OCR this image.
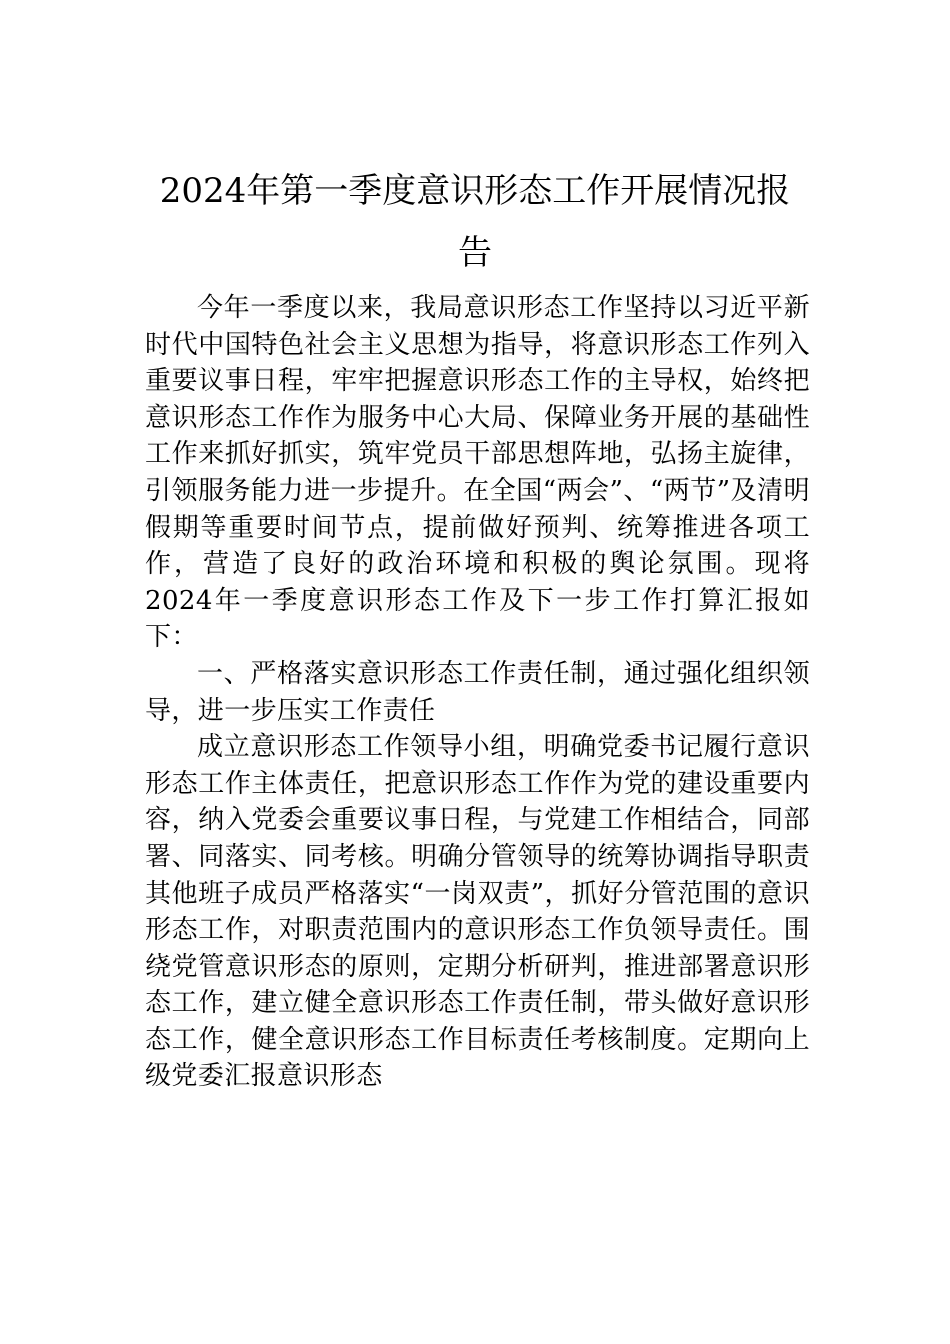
2024年第一季度意识形态工作开展情况报
告

今年一季度以来，我局意识形态工作坚持以习近平新时代中国特色社会主义思想为指导，将意识形态工作列入重要议事日程，牢牢把握意识形态工作的主导权，始终把意识形态工作作为服务中心大局、保障业务开展的基础性工作来抓好抓实，筑牢党员干部思想阵地，弘扬主旋律，引领服务能力进一步提升。在全国“两会”、“两节”及清明假期等重要时间节点，提前做好预判、统筹推进各项工作，营造了良好的政治环境和积极的舆论氛围。现将2024年一季度意识形态工作及下一步工作打算汇报如下：

一、严格落实意识形态工作责任制，通过强化组织领导，进一步压实工作责任

成立意识形态工作领导小组，明确党委书记履行意识形态工作主体责任，把意识形态工作作为党的建设重要内容，纳入党委会重要议事日程，与党建工作相结合，同部署、同落实、同考核。明确分管领导的统筹协调指导职责其他班子成员严格落实“一岗双责”，抓好分管范围的意识形态工作，对职责范围内的意识形态工作负领导责任。围绕党管意识形态的原则，定期分析研判，推进部署意识形态工作，建立健全意识形态工作责任制，带头做好意识形态工作，健全意识形态工作目标责任考核制度。定期向上级党委汇报意识形态
